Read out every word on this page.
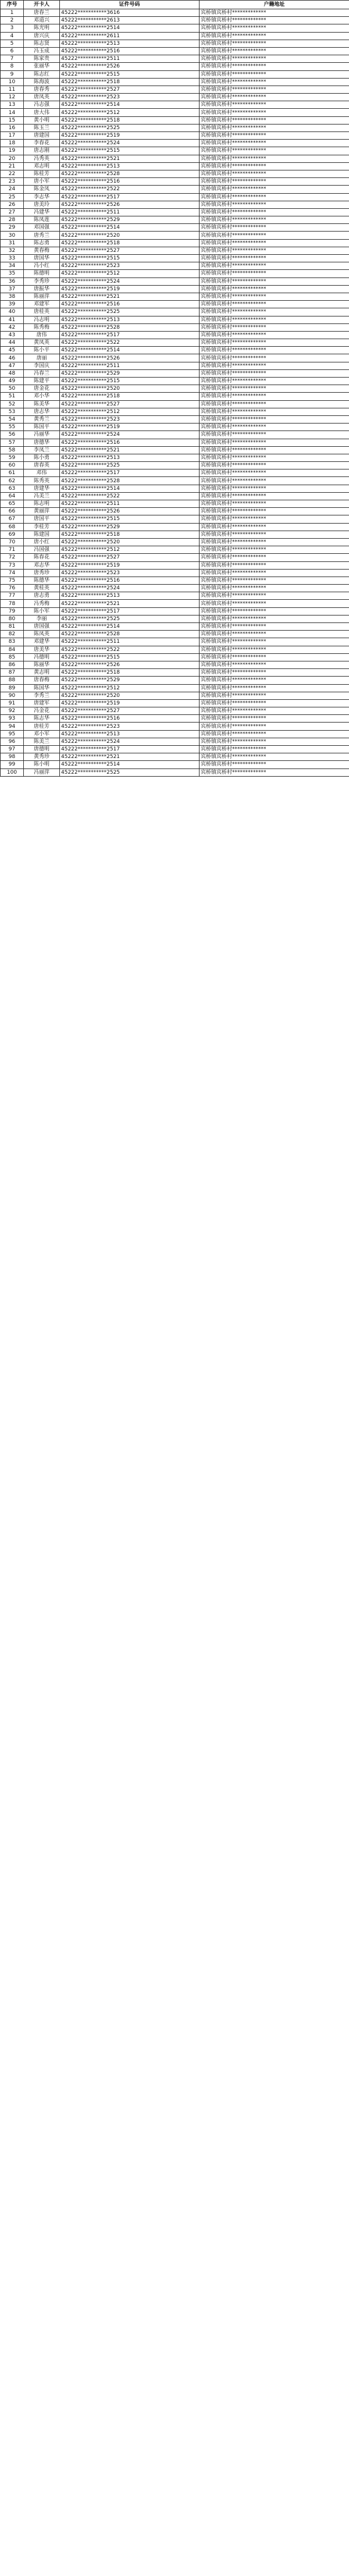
序号	开卡人	证件号码	户籍地址
1	唐春兰	45222***********3616	宾桥镇宾桥村*************
2	邓道兴	45222***********2613	宾桥镇宾桥村*************
3	陈光明	45222***********2514	宾桥镇宾桥村*************
4	唐兴庆	45222***********2611	宾桥镇宾桥村*************
5	陈志贤	45222***********2513	宾桥镇宾桥村*************
6	冯玉成	45222***********2516	宾桥镇宾桥村*************
7	陈家贵	45222***********2511	宾桥镇宾桥村*************
8	张丽华	45222***********2526	宾桥镇宾桥村*************
9	陈志红	45222***********2515	宾桥镇宾桥村*************
10	陈海波	45222***********2518	宾桥镇宾桥村*************
11	唐春秀	45222***********2527	宾桥镇宾桥村*************
12	唐凤英	45222***********2523	宾桥镇宾桥村*************
13	冯志强	45222***********2514	宾桥镇宾桥村*************
14	唐大伟	45222***********2512	宾桥镇宾桥村*************
15	黄小明	45222***********2518	宾桥镇宾桥村*************
16	陈玉兰	45222***********2525	宾桥镇宾桥村*************
17	唐建国	45222***********2519	宾桥镇宾桥村*************
18	李春花	45222***********2524	宾桥镇宾桥村*************
19	唐志刚	45222***********2515	宾桥镇宾桥村*************
20	冯秀英	45222***********2521	宾桥镇宾桥村*************
21	邓志明	45222***********2513	宾桥镇宾桥村*************
22	陈桂芳	45222***********2528	宾桥镇宾桥村*************
23	唐小军	45222***********2516	宾桥镇宾桥村*************
24	陈金凤	45222***********2522	宾桥镇宾桥村*************
25	李志华	45222***********2517	宾桥镇宾桥村*************
26	唐美玲	45222***********2526	宾桥镇宾桥村*************
27	冯建华	45222***********2511	宾桥镇宾桥村*************
28	陈凤莲	45222***********2529	宾桥镇宾桥村*************
29	邓国强	45222***********2514	宾桥镇宾桥村*************
30	唐秀兰	45222***********2520	宾桥镇宾桥村*************
31	陈志勇	45222***********2518	宾桥镇宾桥村*************
32	黄春梅	45222***********2527	宾桥镇宾桥村*************
33	唐国华	45222***********2515	宾桥镇宾桥村*************
34	冯小红	45222***********2523	宾桥镇宾桥村*************
35	陈德明	45222***********2512	宾桥镇宾桥村*************
36	李秀珍	45222***********2524	宾桥镇宾桥村*************
37	唐振华	45222***********2519	宾桥镇宾桥村*************
38	陈丽萍	45222***********2521	宾桥镇宾桥村*************
39	邓建军	45222***********2516	宾桥镇宾桥村*************
40	唐桂英	45222***********2525	宾桥镇宾桥村*************
41	冯志明	45222***********2513	宾桥镇宾桥村*************
42	陈秀梅	45222***********2528	宾桥镇宾桥村*************
43	唐伟	45222***********2517	宾桥镇宾桥村*************
44	黄凤英	45222***********2522	宾桥镇宾桥村*************
45	陈小平	45222***********2514	宾桥镇宾桥村*************
46	唐丽	45222***********2526	宾桥镇宾桥村*************
47	李国庆	45222***********2511	宾桥镇宾桥村*************
48	冯春兰	45222***********2529	宾桥镇宾桥村*************
49	陈建平	45222***********2515	宾桥镇宾桥村*************
50	唐金花	45222***********2520	宾桥镇宾桥村*************
51	邓小华	45222***********2518	宾桥镇宾桥村*************
52	陈美华	45222***********2527	宾桥镇宾桥村*************
53	唐志华	45222***********2512	宾桥镇宾桥村*************
54	黄秀兰	45222***********2523	宾桥镇宾桥村*************
55	陈国平	45222***********2519	宾桥镇宾桥村*************
56	冯丽华	45222***********2524	宾桥镇宾桥村*************
57	唐德华	45222***********2516	宾桥镇宾桥村*************
58	李凤兰	45222***********2521	宾桥镇宾桥村*************
59	陈小勇	45222***********2513	宾桥镇宾桥村*************
60	唐春英	45222***********2525	宾桥镇宾桥村*************
61	邓伟	45222***********2517	宾桥镇宾桥村*************
62	陈秀英	45222***********2528	宾桥镇宾桥村*************
63	唐建华	45222***********2514	宾桥镇宾桥村*************
64	冯美兰	45222***********2522	宾桥镇宾桥村*************
65	陈志明	45222***********2511	宾桥镇宾桥村*************
66	黄丽萍	45222***********2526	宾桥镇宾桥村*************
67	唐国平	45222***********2515	宾桥镇宾桥村*************
68	李桂芳	45222***********2529	宾桥镇宾桥村*************
69	陈建国	45222***********2518	宾桥镇宾桥村*************
70	唐小红	45222***********2520	宾桥镇宾桥村*************
71	冯国强	45222***********2512	宾桥镇宾桥村*************
72	陈春花	45222***********2527	宾桥镇宾桥村*************
73	邓志华	45222***********2519	宾桥镇宾桥村*************
74	唐秀珍	45222***********2523	宾桥镇宾桥村*************
75	陈德华	45222***********2516	宾桥镇宾桥村*************
76	黄桂英	45222***********2524	宾桥镇宾桥村*************
77	唐志勇	45222***********2513	宾桥镇宾桥村*************
78	冯秀梅	45222***********2521	宾桥镇宾桥村*************
79	陈小军	45222***********2517	宾桥镇宾桥村*************
80	李丽	45222***********2525	宾桥镇宾桥村*************
81	唐国强	45222***********2514	宾桥镇宾桥村*************
82	陈凤英	45222***********2528	宾桥镇宾桥村*************
83	邓建华	45222***********2511	宾桥镇宾桥村*************
84	唐美华	45222***********2522	宾桥镇宾桥村*************
85	冯德明	45222***********2515	宾桥镇宾桥村*************
86	陈丽华	45222***********2526	宾桥镇宾桥村*************
87	黄志明	45222***********2518	宾桥镇宾桥村*************
88	唐春梅	45222***********2529	宾桥镇宾桥村*************
89	陈国华	45222***********2512	宾桥镇宾桥村*************
90	李秀兰	45222***********2520	宾桥镇宾桥村*************
91	唐建军	45222***********2519	宾桥镇宾桥村*************
92	冯金花	45222***********2527	宾桥镇宾桥村*************
93	陈志华	45222***********2516	宾桥镇宾桥村*************
94	唐桂芳	45222***********2523	宾桥镇宾桥村*************
95	邓小军	45222***********2513	宾桥镇宾桥村*************
96	陈美兰	45222***********2524	宾桥镇宾桥村*************
97	唐德明	45222***********2517	宾桥镇宾桥村*************
98	黄秀珍	45222***********2521	宾桥镇宾桥村*************
99	陈小明	45222***********2514	宾桥镇宾桥村*************
100	冯丽萍	45222***********2525	宾桥镇宾桥村*************
